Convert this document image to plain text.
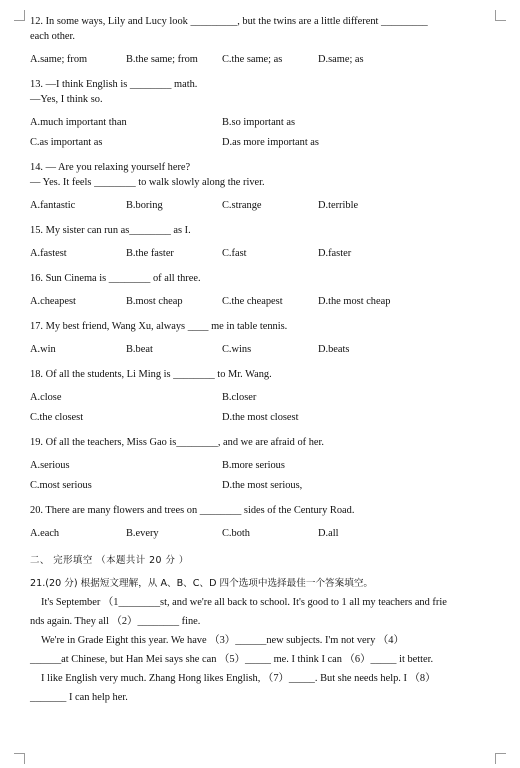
12. In some ways, Lily and Lucy look _________, but the twins are a little different _________
each other.
A.same; from	B.the same; from	C.the same; as	D.same; as
13. —I think English is ________ math.
—Yes, I think so.
A.much important than	B.so important as
C.as important as	D.as more important as
14. — Are you relaxing yourself here?
— Yes. It feels ________ to walk slowly along the river.
A.fantastic	B.boring	C.strange	D.terrible
15. My sister can run as________ as I.
A.fastest	B.the faster	C.fast	D.faster
16. Sun Cinema is ________ of all three.
A.cheapest	B.most cheap	C.the cheapest	D.the most cheap
17. My best friend, Wang Xu, always ____ me in table tennis.
A.win	B.beat	C.wins	D.beats
18. Of all the students, Li Ming is ________ to Mr. Wang.
A.close	B.closer
C.the closest	D.the most closest
19. Of all the teachers, Miss Gao is________, and we are afraid of her.
A.serious	B.more serious
C.most serious	D.the most serious,
20. There are many flowers and trees on ________ sides of the Century Road.
A.each	B.every	C.both	D.all
二、 完形填空 （本题共计 20 分 ）

21.(20 分) 根据短文理解，从 A、B、C、D 四个选项中选择最佳一个答案填空。

It's September （1________st, and we're all back to school. It's good to 1 all my teachers and frie

nds again. They all （2）________ fine.

We're in Grade Eight this year. We have （3）______new subjects. I'm not very （4）

______at Chinese, but Han Mei says she can （5）_____ me. I think I can （6）_____ it better.

I like English very much. Zhang Hong likes English, （7）_____. But she needs help. I （8）

_______ I can help her.
